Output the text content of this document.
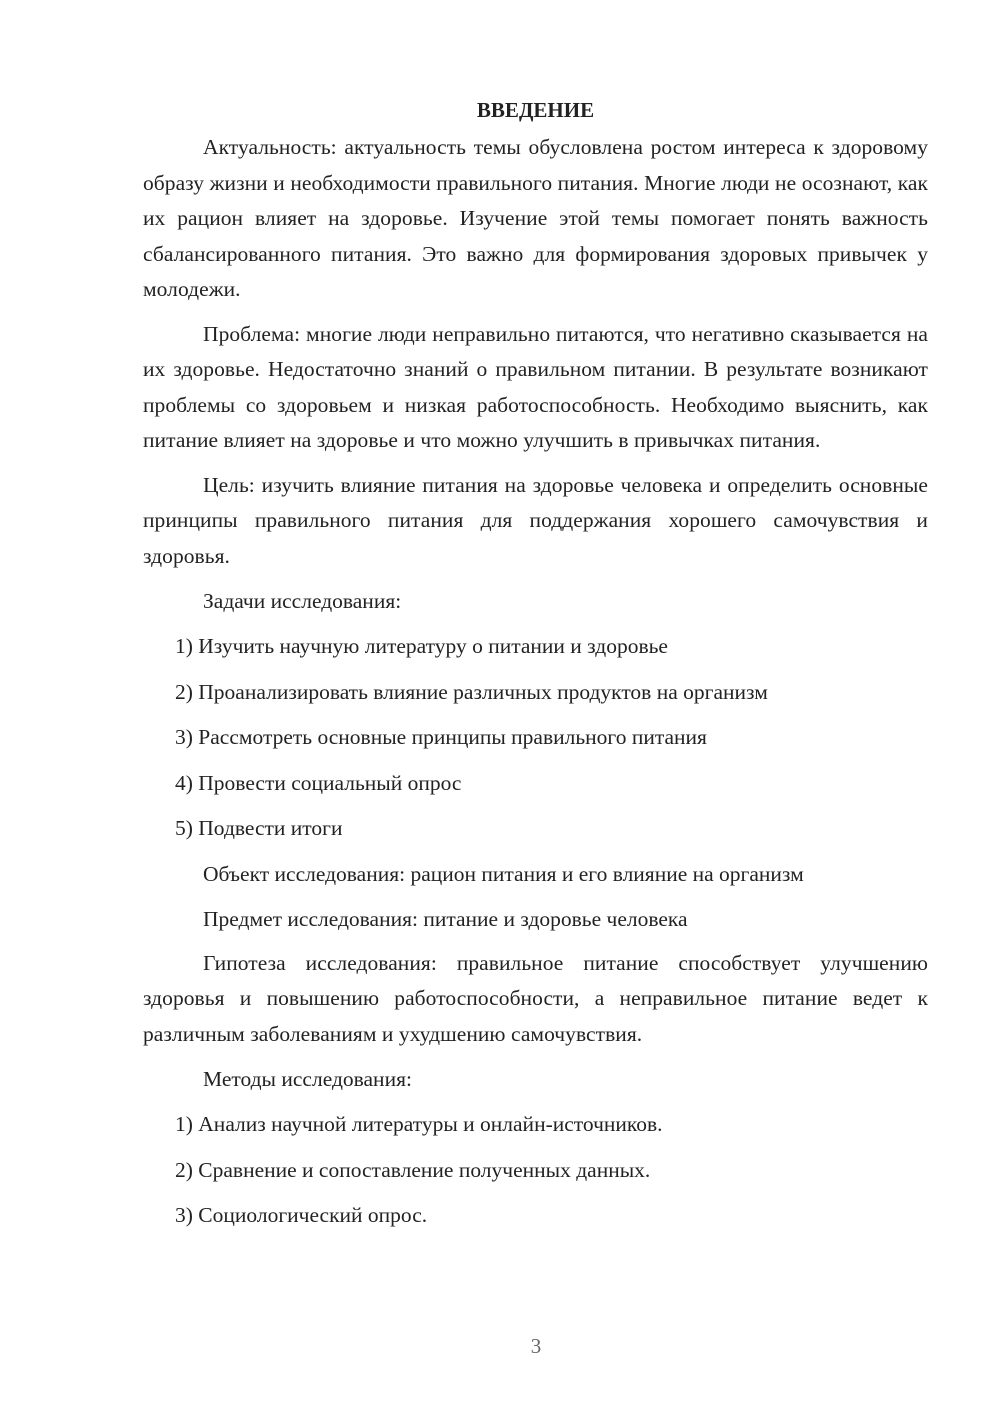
ВВЕДЕНИЕ

Актуальность: актуальность темы обусловлена ростом интереса к здоровому образу жизни и необходимости правильного питания. Многие люди не осознают, как их рацион влияет на здоровье. Изучение этой темы помогает понять важность сбалансированного питания. Это важно для формирования здоровых привычек у молодежи.

Проблема: многие люди неправильно питаются, что негативно сказывается на их здоровье. Недостаточно знаний о правильном питании. В результате возникают проблемы со здоровьем и низкая работоспособность. Необходимо выяснить, как питание влияет на здоровье и что можно улучшить в привычках питания.

Цель: изучить влияние питания на здоровье человека и определить основные принципы правильного питания для поддержания хорошего самочувствия и здоровья.

Задачи исследования:

1) Изучить научную литературу о питании и здоровье

2) Проанализировать влияние различных продуктов на организм

3) Рассмотреть основные принципы правильного питания

4) Провести социальный опрос

5) Подвести итоги

Объект исследования: рацион питания и его влияние на организм

Предмет исследования: питание и здоровье человека

Гипотеза исследования: правильное питание способствует улучшению здоровья и повышению работоспособности, а неправильное питание ведет к различным заболеваниям и ухудшению самочувствия.

Методы исследования:

1) Анализ научной литературы и онлайн-источников.

2) Сравнение и сопоставление полученных данных.

3) Социологический опрос.

3
